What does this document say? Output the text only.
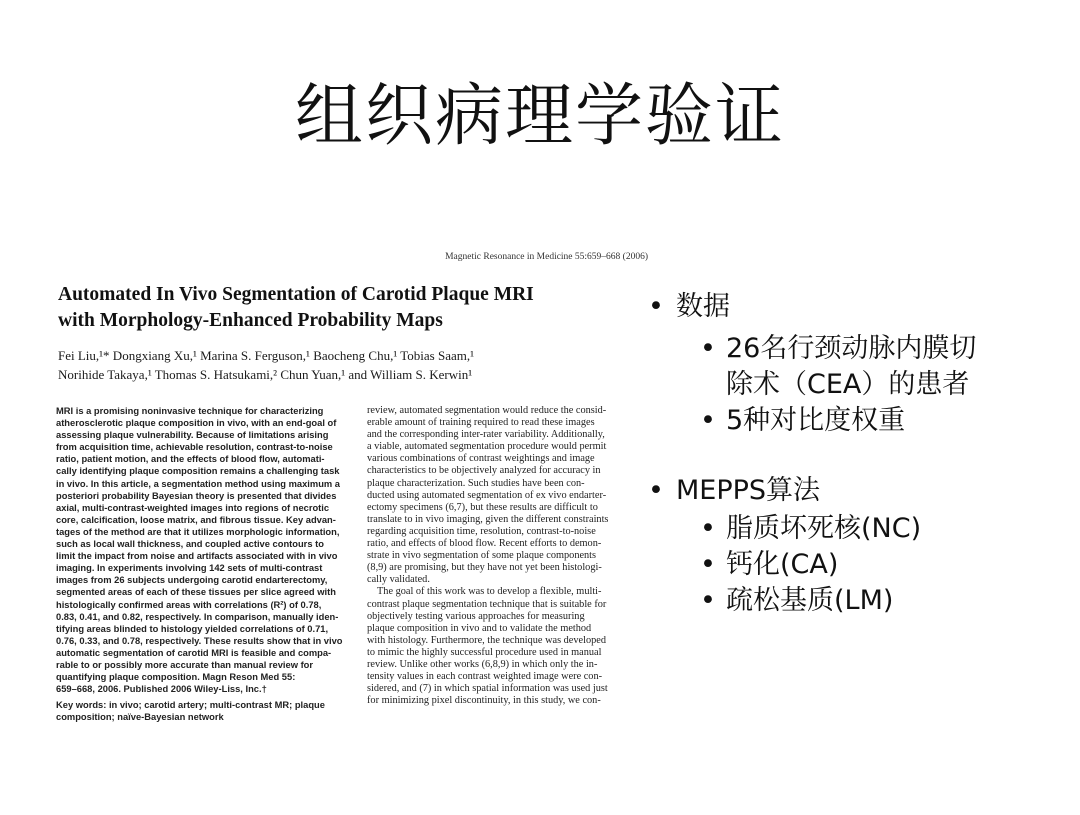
组织病理学验证
Magnetic Resonance in Medicine 55:659–668 (2006)
Automated In Vivo Segmentation of Carotid Plaque MRI
with Morphology-Enhanced Probability Maps
Fei Liu,¹* Dongxiang Xu,¹ Marina S. Ferguson,¹ Baocheng Chu,¹ Tobias Saam,¹
Norihide Takaya,¹ Thomas S. Hatsukami,² Chun Yuan,¹ and William S. Kerwin¹
MRI is a promising noninvasive technique for characterizing
atherosclerotic plaque composition in vivo, with an end-goal of
assessing plaque vulnerability. Because of limitations arising
from acquisition time, achievable resolution, contrast-to-noise
ratio, patient motion, and the effects of blood flow, automati-
cally identifying plaque composition remains a challenging task
in vivo. In this article, a segmentation method using maximum a
posteriori probability Bayesian theory is presented that divides
axial, multi-contrast-weighted images into regions of necrotic
core, calcification, loose matrix, and fibrous tissue. Key advan-
tages of the method are that it utilizes morphologic information,
such as local wall thickness, and coupled active contours to
limit the impact from noise and artifacts associated with in vivo
imaging. In experiments involving 142 sets of multi-contrast
images from 26 subjects undergoing carotid endarterectomy,
segmented areas of each of these tissues per slice agreed with
histologically confirmed areas with correlations (R²) of 0.78,
0.83, 0.41, and 0.82, respectively. In comparison, manually iden-
tifying areas blinded to histology yielded correlations of 0.71,
0.76, 0.33, and 0.78, respectively. These results show that in vivo
automatic segmentation of carotid MRI is feasible and compa-
rable to or possibly more accurate than manual review for
quantifying plaque composition. Magn Reson Med 55:
659–668, 2006. Published 2006 Wiley-Liss, Inc.†
Key words: in vivo; carotid artery; multi-contrast MR; plaque
composition; naïve-Bayesian network
review, automated segmentation would reduce the consid-
erable amount of training required to read these images
and the corresponding inter-rater variability. Additionally,
a viable, automated segmentation procedure would permit
various combinations of contrast weightings and image
characteristics to be objectively analyzed for accuracy in
plaque characterization. Such studies have been con-
ducted using automated segmentation of ex vivo endarter-
ectomy specimens (6,7), but these results are difficult to
translate to in vivo imaging, given the different constraints
regarding acquisition time, resolution, contrast-to-noise
ratio, and effects of blood flow. Recent efforts to demon-
strate in vivo segmentation of some plaque components
(8,9) are promising, but they have not yet been histologi-
cally validated.
The goal of this work was to develop a flexible, multi-
contrast plaque segmentation technique that is suitable for
objectively testing various approaches for measuring
plaque composition in vivo and to validate the method
with histology. Furthermore, the technique was developed
to mimic the highly successful procedure used in manual
review. Unlike other works (6,8,9) in which only the in-
tensity values in each contrast weighted image were con-
sidered, and (7) in which spatial information was used just
for minimizing pixel discontinuity, in this study, we con-
• 数据
• 26名行颈动脉内膜切
除术（CEA）的患者
• 5种对比度权重
• MEPPS算法
• 脂质坏死核(NC)
• 钙化(CA)
• 疏松基质(LM)
